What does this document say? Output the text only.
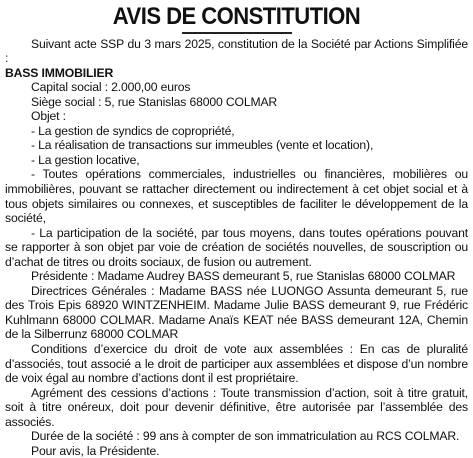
AVIS DE CONSTITUTION

Suivant acte SSP du 3 mars 2025, constitution de la Société par Actions Simplifiée :

BASS IMMOBILIER

Capital social : 2.000,00 euros

Siège social : 5, rue Stanislas 68000 COLMAR

Objet :

- La gestion de syndics de copropriété,

- La réalisation de transactions sur immeubles (vente et location),

- La gestion locative,

- Toutes opérations commerciales, industrielles ou financières, mobilières ou immobilières, pouvant se rattacher directement ou indirectement à cet objet social et à tous objets similaires ou connexes, et susceptibles de faciliter le développement de la société,

- La participation de la société, par tous moyens, dans toutes opérations pouvant se rapporter à son objet par voie de création de sociétés nouvelles, de souscription ou d’achat de titres ou droits sociaux, de fusion ou autrement.

Présidente : Madame Audrey BASS demeurant 5, rue Stanislas 68000 COLMAR

Directrices Générales : Madame BASS née LUONGO Assunta demeurant 5, rue des Trois Epis 68920 WINTZENHEIM. Madame Julie BASS demeurant 9, rue Frédéric Kuhlmann 68000 COLMAR. Madame Anaïs KEAT née BASS demeurant 12A, Chemin de la Silberrunz 68000 COLMAR

Conditions d’exercice du droit de vote aux assemblées : En cas de pluralité d’associés, tout associé a le droit de participer aux assemblées et dispose d’un nombre de voix égal au nombre d’actions dont il est propriétaire.

Agrément des cessions d’actions : Toute transmission d’action, soit à titre gratuit, soit à titre onéreux, doit pour devenir définitive, être autorisée par l’assemblée des associés.

Durée de la société : 99 ans à compter de son immatriculation au RCS COLMAR.

Pour avis, la Présidente.
